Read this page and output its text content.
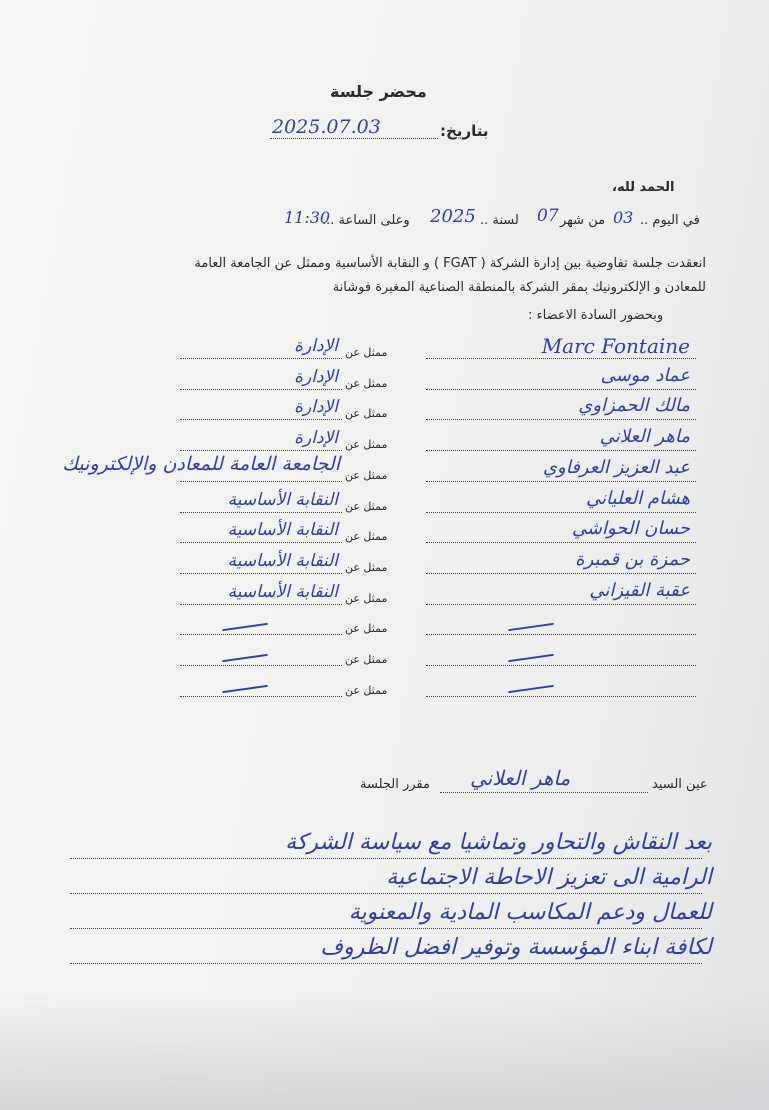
محضر جلسة
بتاريخ:
2025.07.03
الحمد لله،
في اليوم ..
03
من شهر
07
لسنة ..
2025
وعلى الساعة ...
11:30
انعقدت جلسة تفاوضية بين إدارة الشركة ( FGAT ) و النقابة الأساسية وممثل عن الجامعة العامة
للمعادن و الإلكترونيك بمقر الشركة بالمنطقة الصناعية المغيرة فوشانة
وبحضور السادة الاعضاء :
Marc Fontaine
ممثل عن
الإدارة
عماد موسى
ممثل عن
الإدارة
مالك الحمزاوي
ممثل عن
الإدارة
ماهر العلاني
ممثل عن
الإدارة
عبد العزيز العرفاوي
ممثل عن
الجامعة العامة للمعادن والإلكترونيك
هشام العلياني
ممثل عن
النقابة الأساسية
حسان الحواشي
ممثل عن
النقابة الأساسية
حمزة بن قمبرة
ممثل عن
النقابة الأساسية
عقبة القيزاني
ممثل عن
النقابة الأساسية
ممثل عن
ممثل عن
ممثل عن
عين السيد
ماهر العلاني
مقرر الجلسة
بعد النقاش والتحاور وتماشيا مع سياسة الشركة
الرامية الى تعزيز الاحاطة الاجتماعية
للعمال ودعم المكاسب المادية والمعنوية
لكافة ابناء المؤسسة وتوفير افضل الظروف
